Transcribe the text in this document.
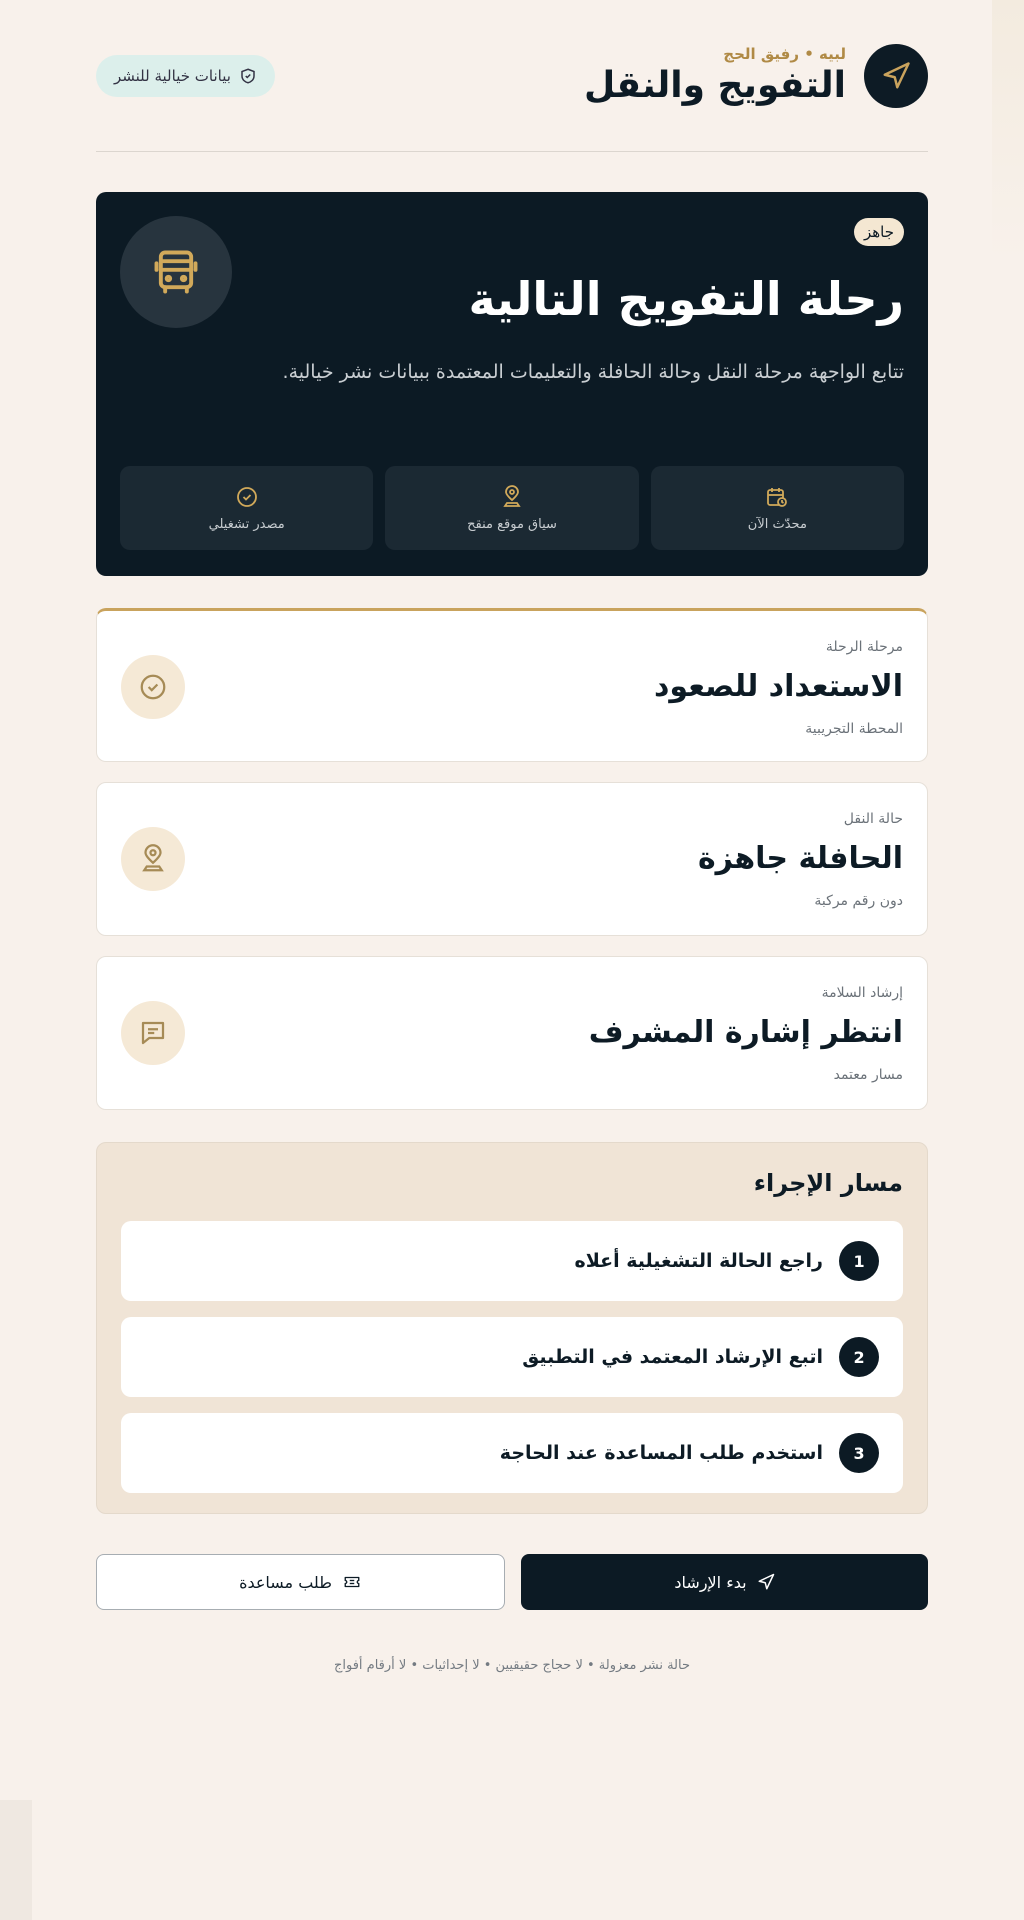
لبيه • رفيق الحج
التفويج والنقل
بيانات خيالية للنشر
جاهز
رحلة التفويج التالية
تتابع الواجهة مرحلة النقل وحالة الحافلة والتعليمات المعتمدة ببيانات نشر خيالية.
محدّث الآن
سياق موقع منقح
مصدر تشغيلي
مرحلة الرحلة
الاستعداد للصعود
المحطة التجريبية
حالة النقل
الحافلة جاهزة
دون رقم مركبة
إرشاد السلامة
انتظر إشارة المشرف
مسار معتمد
مسار الإجراء
1
راجع الحالة التشغيلية أعلاه
2
اتبع الإرشاد المعتمد في التطبيق
3
استخدم طلب المساعدة عند الحاجة
بدء الإرشاد
طلب مساعدة
حالة نشر معزولة • لا حجاج حقيقيين • لا إحداثيات • لا أرقام أفواج
